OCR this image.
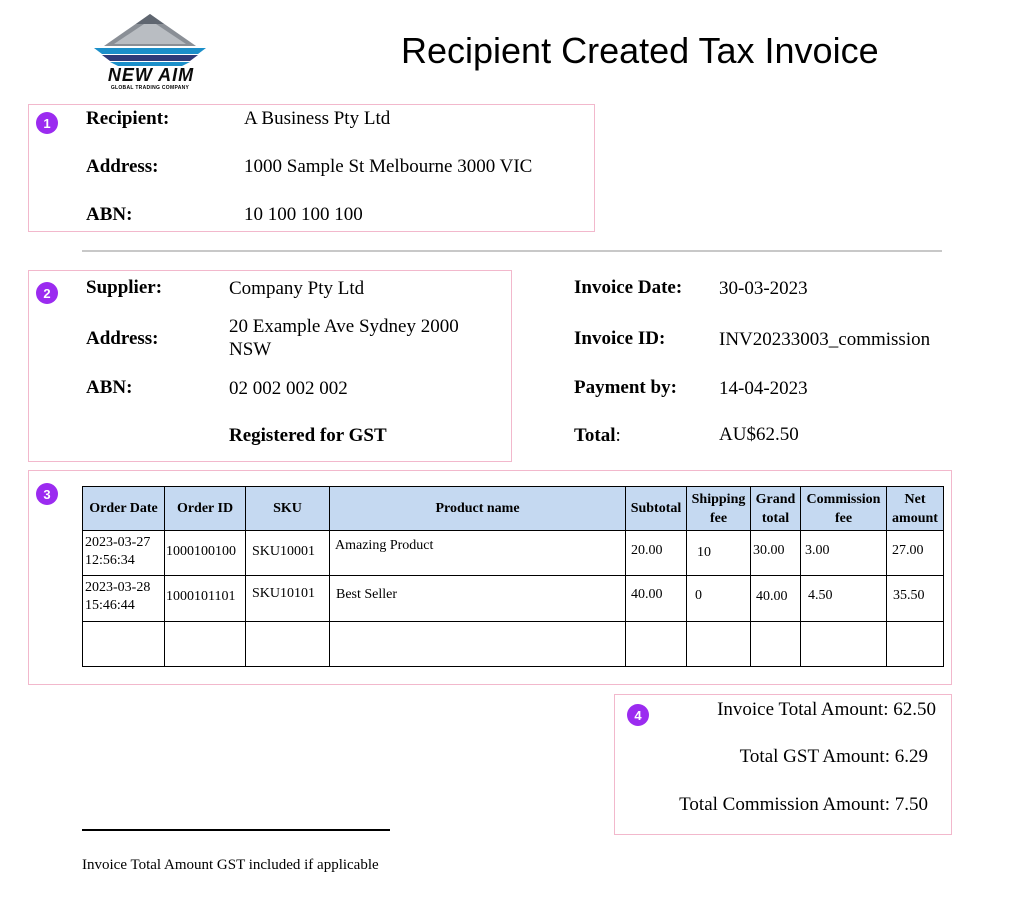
NEW AIM
GLOBAL TRADING COMPANY
Recipient Created Tax Invoice
1	Recipient:	A Business Pty Ltd
Address:	1000 Sample St Melbourne 3000 VIC
ABN:	10 100 100 100
2	Supplier:	Company Pty Ltd
Address:
20 Example Ave Sydney 2000 NSW
ABN:	02 002 002 002
Registered for GST
Invoice Date: 30-03-2023
Invoice ID:	INV20233003_commission
Payment by: 14-04-2023
Total:	AU$62.50
3
Order Date	Order ID	SKU	Product name	Subtotal	Shipping fee	Grand total	Commission fee	Net amount

2023-03-27
12:56:34	1000100100	SKU10001	Amazing Product	20.00	10	30.00	3.00	27.00

2023-03-28
15:46:44	1000101101	SKU10101	Best Seller	40.00	0	40.00	4.50	35.50

4	Invoice Total Amount: 62.50
Total GST Amount: 6.29
Total Commission Amount: 7.50
Invoice Total Amount GST included if applicable
